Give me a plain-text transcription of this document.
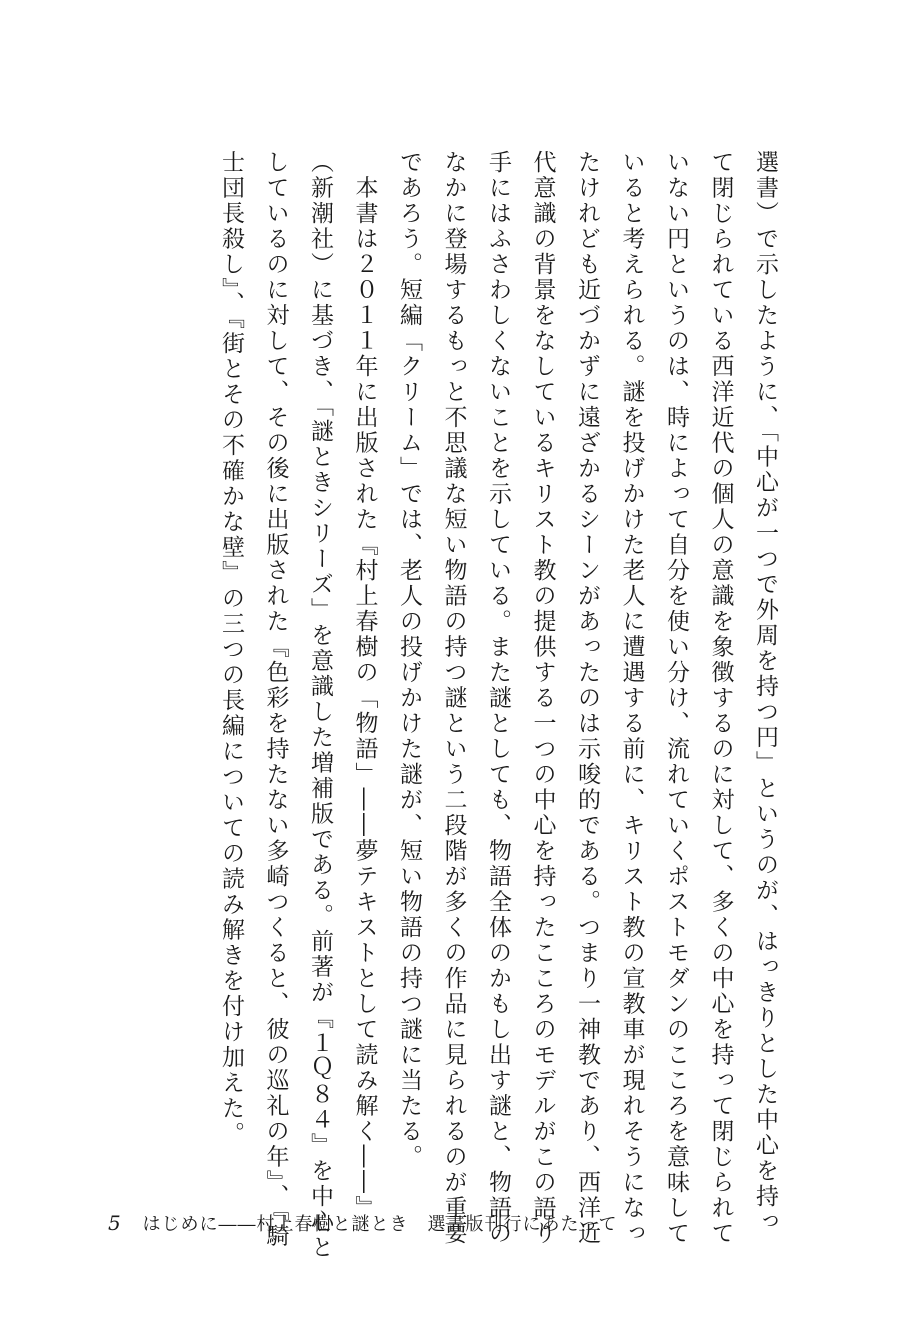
選書）で示したように、「中心が一つで外周を持つ円」というのが、はっきりとした中心を持っ
て閉じられている西洋近代の個人の意識を象徴するのに対して、多くの中心を持って閉じられて
いない円というのは、時によって自分を使い分け、流れていくポストモダンのこころを意味して
いると考えられる。謎を投げかけた老人に遭遇する前に、キリスト教の宣教車が現れそうになっ
たけれども近づかずに遠ざかるシーンがあったのは示唆的である。つまり一神教であり、西洋近
代意識の背景をなしているキリスト教の提供する一つの中心を持ったこころのモデルがこの語り
手にはふさわしくないことを示している。また謎としても、物語全体のかもし出す謎と、物語の
なかに登場するもっと不思議な短い物語の持つ謎という二段階が多くの作品に見られるのが重要
であろう。短編「クリーム」では、老人の投げかけた謎が、短い物語の持つ謎に当たる。
　本書は２０１１年に出版された『村上春樹の「物語」――夢テキストとして読み解く――』
（新潮社）に基づき、「謎ときシリーズ」を意識した増補版である。前著が『１Ｑ８４』を中心と
しているのに対して、その後に出版された『色彩を持たない多崎つくると、彼の巡礼の年』、『騎
士団長殺し』、『街とその不確かな壁』の三つの長編についての読み解きを付け加えた。
5 はじめに――村上春樹と謎とき　選書版刊行にあたって
